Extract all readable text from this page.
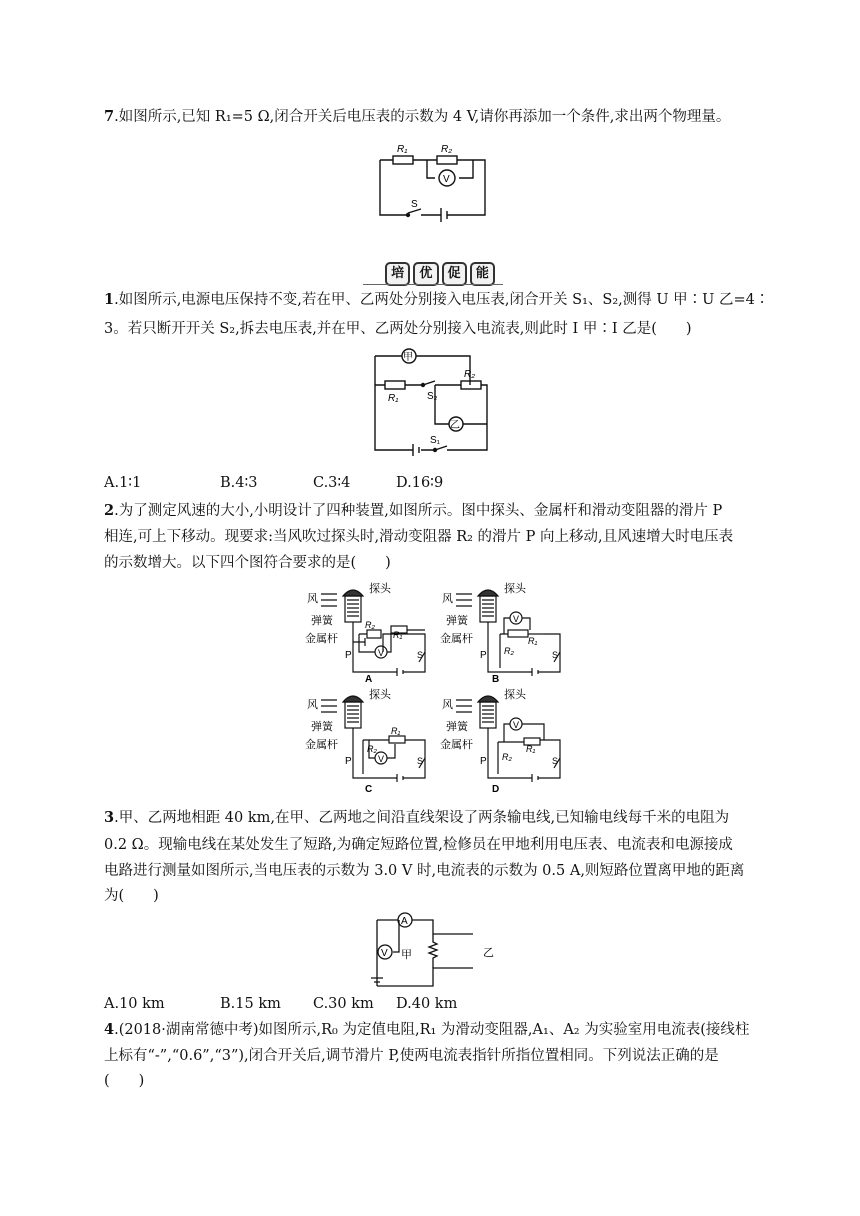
7.如图所示,已知 R₁=5 Ω,闭合开关后电压表的示数为 4 V,请你再添加一个条件,求出两个物理量。
R₁	R₂
V
S
培	优	促	能
1.如图所示,电源电压保持不变,若在甲、乙两处分别接入电压表,闭合开关 S₁、S₂,测得 U 甲∶U 乙=4∶
3。若只断开开关 S₂,拆去电压表,并在甲、乙两处分别接入电流表,则此时 I 甲∶I 乙是(　　)
甲
R₁
R₂
S₂
乙
S₁
A.1∶1	B.4∶3	C.3∶4	D.16∶9
2.为了测定风速的大小,小明设计了四种装置,如图所示。图中探头、金属杆和滑动变阻器的滑片 P
相连,可上下移动。现要求:当风吹过探头时,滑动变阻器 R₂ 的滑片 P 向上移动,且风速增大时电压表
的示数增大。以下四个图符合要求的是(　　)
风
探头
弹簧
金属杆
P
R₂
R₁
V	S
A
风
探头
弹簧
金属杆
P R₂
R₁
V
S
B
风
探头
弹簧
金属杆
P
R₂
R₁
V	S
C
风
探头
弹簧
金属杆
P R₂
R₁
V
S
D
3.甲、乙两地相距 40 km,在甲、乙两地之间沿直线架设了两条输电线,已知输电线每千米的电阻为
0.2 Ω。现输电线在某处发生了短路,为确定短路位置,检修员在甲地利用电压表、电流表和电源接成
电路进行测量如图所示,当电压表的示数为 3.0 V 时,电流表的示数为 0.5 A,则短路位置离甲地的距离
为(　　)
A
V 甲	乙
A.10 km	B.15 km C.30 km D.40 km
4.(2018·湖南常德中考)如图所示,R₀ 为定值电阻,R₁ 为滑动变阻器,A₁、A₂ 为实验室用电流表(接线柱
上标有“-”,“0.6”,“3”),闭合开关后,调节滑片 P,使两电流表指针所指位置相同。下列说法正确的是
(　　)
